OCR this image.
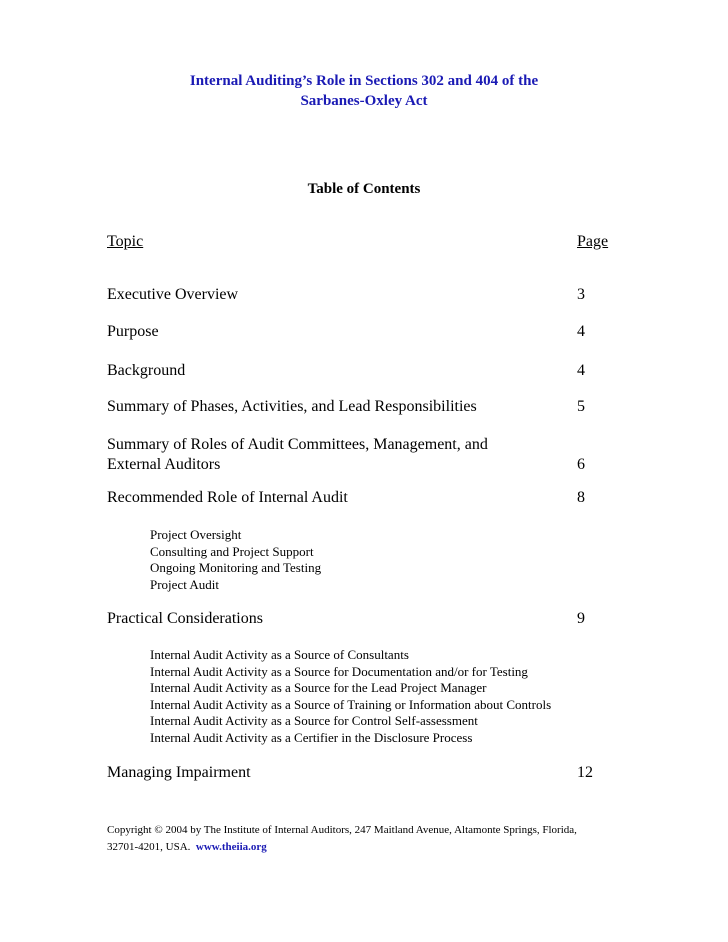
Internal Auditing’s Role in Sections 302 and 404 of the
Sarbanes-Oxley Act
Table of Contents
Topic	Page
Executive Overview	3
Purpose	4
Background	4
Summary of Phases, Activities, and Lead Responsibilities	5
Summary of Roles of Audit Committees, Management, and
External Auditors	6
Recommended Role of Internal Audit	8
Project Oversight
Consulting and Project Support
Ongoing Monitoring and Testing
Project Audit
Practical Considerations	9
Internal Audit Activity as a Source of Consultants
Internal Audit Activity as a Source for Documentation and/or for Testing
Internal Audit Activity as a Source for the Lead Project Manager
Internal Audit Activity as a Source of Training or Information about Controls
Internal Audit Activity as a Source for Control Self-assessment
Internal Audit Activity as a Certifier in the Disclosure Process
Managing Impairment	12
Copyright © 2004 by The Institute of Internal Auditors, 247 Maitland Avenue, Altamonte Springs, Florida,
32701-4201, USA.  www.theiia.org
